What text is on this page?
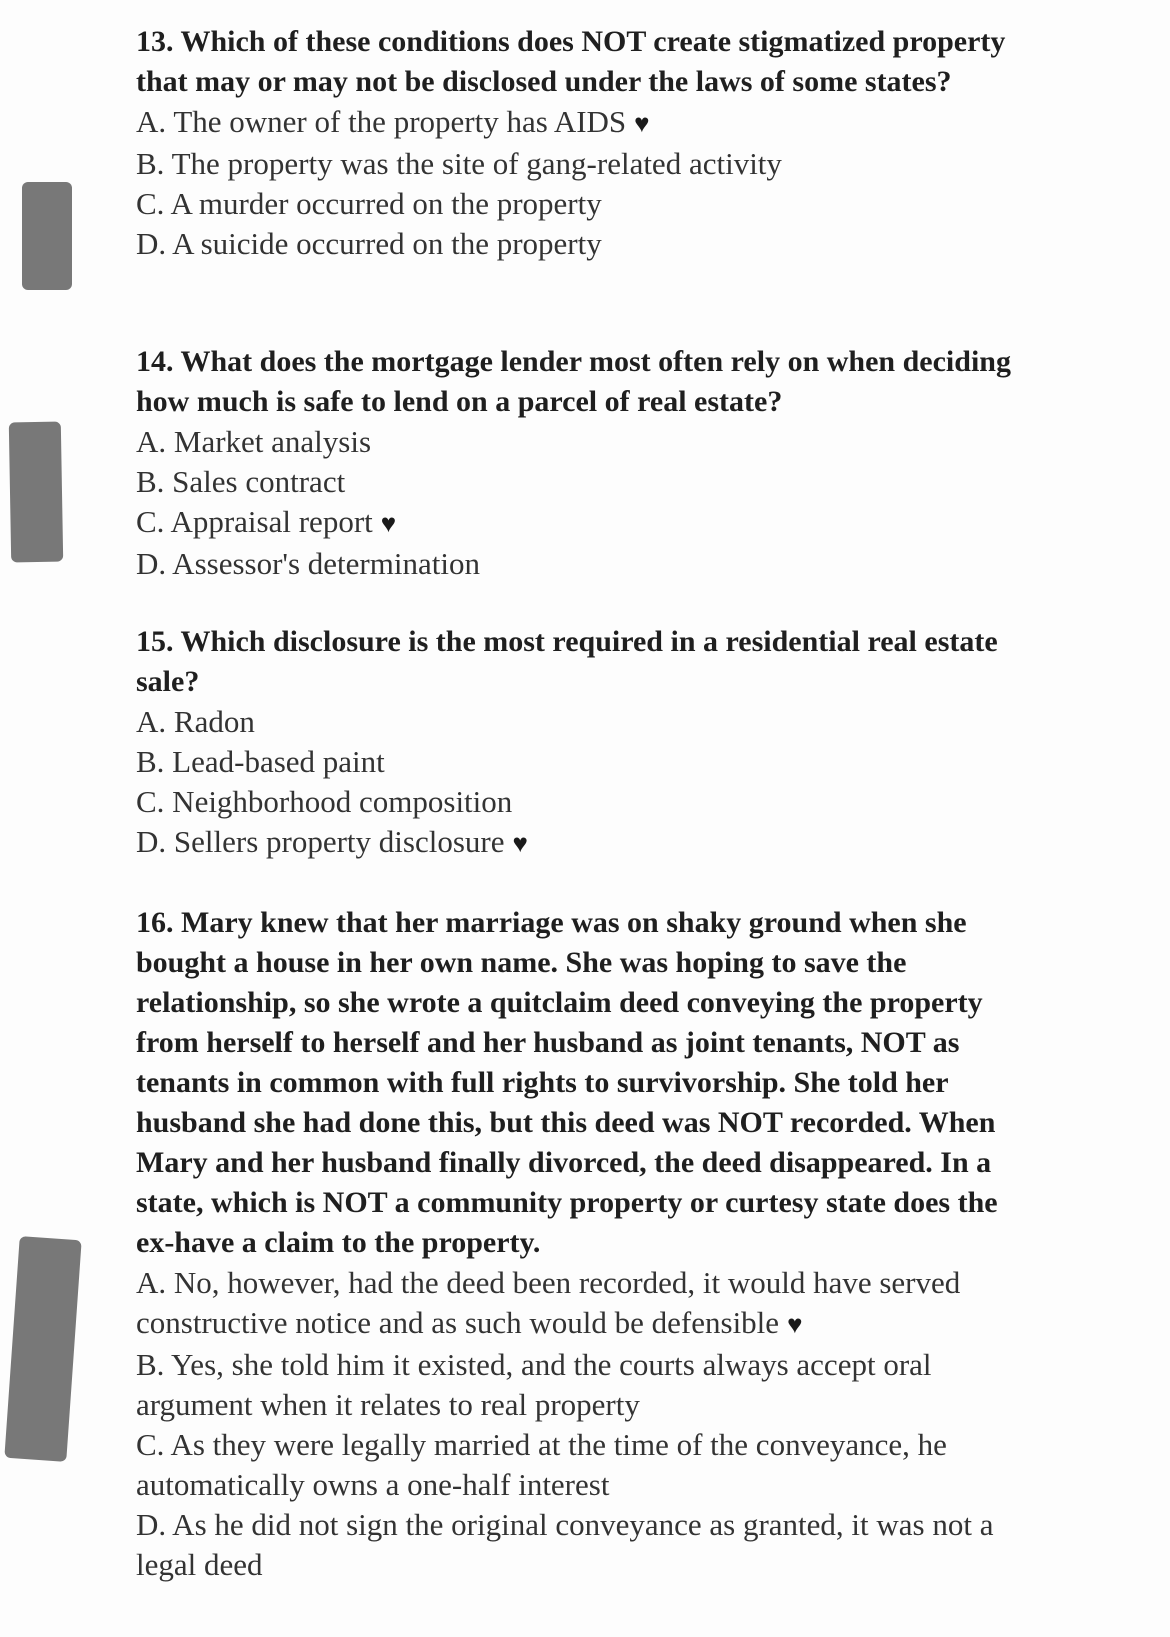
13. Which of these conditions does NOT create stigmatized property that may or may not be disclosed under the laws of some states?

A. The owner of the property has AIDS ♥

B. The property was the site of gang-related activity

C. A murder occurred on the property

D. A suicide occurred on the property

14. What does the mortgage lender most often rely on when deciding how much is safe to lend on a parcel of real estate?

A. Market analysis

B. Sales contract

C. Appraisal report ♥

D. Assessor's determination

15. Which disclosure is the most required in a residential real estate sale?

A. Radon

B. Lead-based paint

C. Neighborhood composition

D. Sellers property disclosure ♥

16. Mary knew that her marriage was on shaky ground when she bought a house in her own name. She was hoping to save the relationship, so she wrote a quitclaim deed conveying the property from herself to herself and her husband as joint tenants, NOT as tenants in common with full rights to survivorship. She told her husband she had done this, but this deed was NOT recorded. When Mary and her husband finally divorced, the deed disappeared. In a state, which is NOT a community property or curtesy state does the ex-have a claim to the property.

A. No, however, had the deed been recorded, it would have served constructive notice and as such would be defensible ♥

B. Yes, she told him it existed, and the courts always accept oral argument when it relates to real property

C. As they were legally married at the time of the conveyance, he automatically owns a one-half interest

D. As he did not sign the original conveyance as granted, it was not a legal deed
